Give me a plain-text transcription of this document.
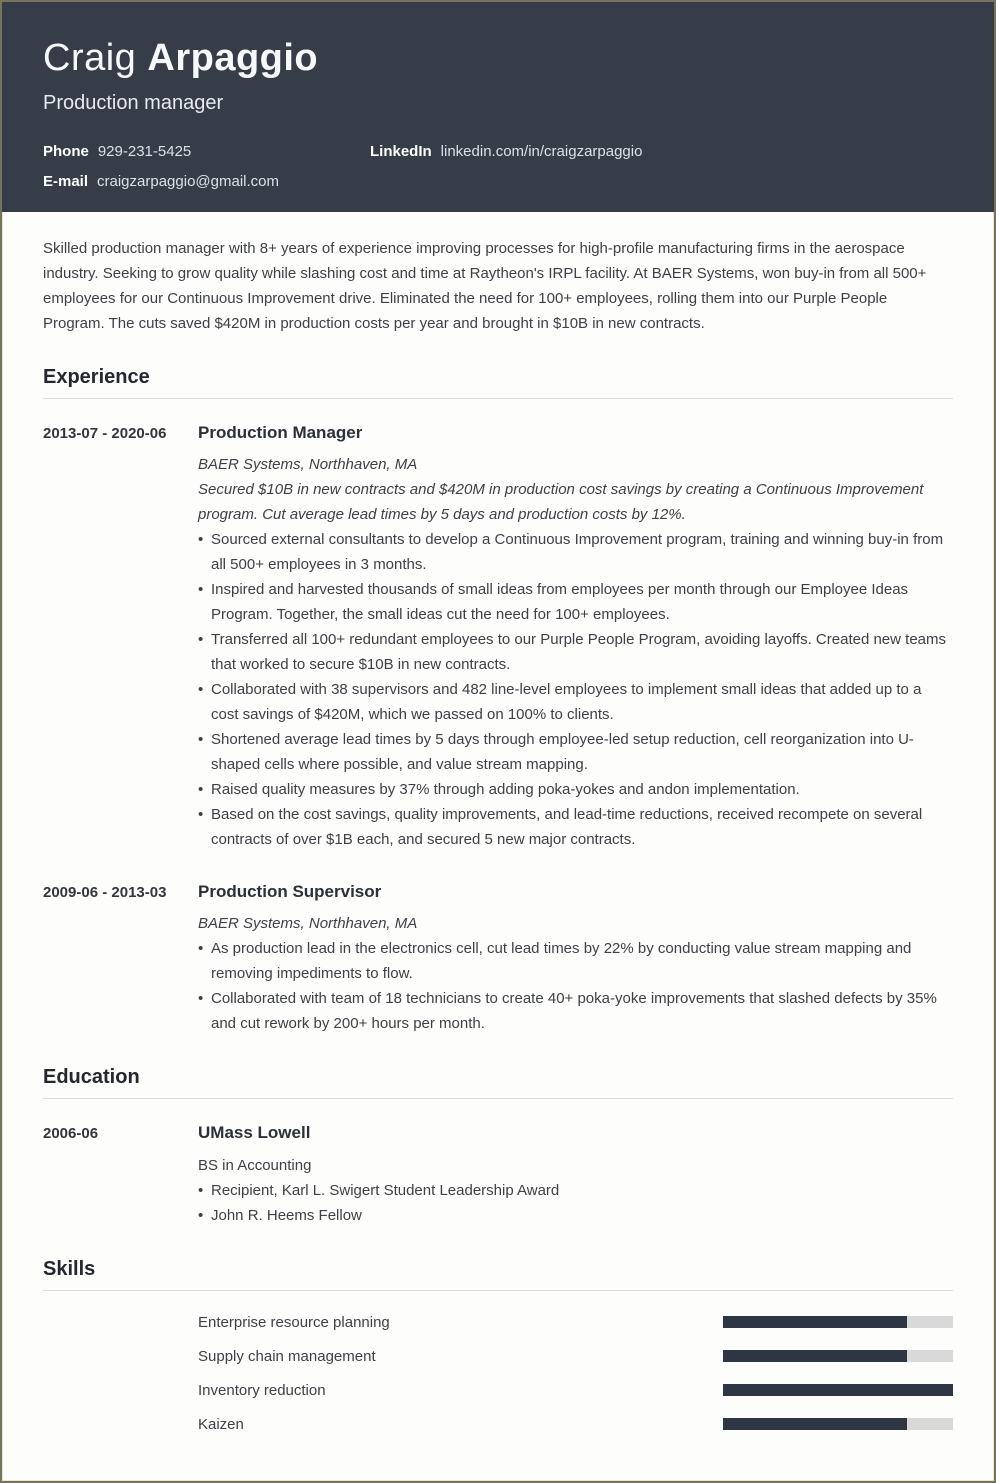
Craig Arpaggio
Production manager
Phone 929-231-5425	LinkedIn linkedin.com/in/craigzarpaggio
E-mail craigzarpaggio@gmail.com

Skilled production manager with 8+ years of experience improving processes for high-profile manufacturing firms in the aerospace industry. Seeking to grow quality while slashing cost and time at Raytheon's IRPL facility. At BAER Systems, won buy-in from all 500+ employees for our Continuous Improvement drive. Eliminated the need for 100+ employees, rolling them into our Purple People Program. The cuts saved $420M in production costs per year and brought in $10B in new contracts.

Experience
2013-07 - 2020-06	Production Manager
BAER Systems, Northhaven, MA
Secured $10B in new contracts and $420M in production cost savings by creating a Continuous Improvement program. Cut average lead times by 5 days and production costs by 12%.
• Sourced external consultants to develop a Continuous Improvement program, training and winning buy-in from all 500+ employees in 3 months.
• Inspired and harvested thousands of small ideas from employees per month through our Employee Ideas Program. Together, the small ideas cut the need for 100+ employees.
• Transferred all 100+ redundant employees to our Purple People Program, avoiding layoffs. Created new teams that worked to secure $10B in new contracts.
• Collaborated with 38 supervisors and 482 line-level employees to implement small ideas that added up to a cost savings of $420M, which we passed on 100% to clients.
• Shortened average lead times by 5 days through employee-led setup reduction, cell reorganization into U-shaped cells where possible, and value stream mapping.
• Raised quality measures by 37% through adding poka-yokes and andon implementation.
• Based on the cost savings, quality improvements, and lead-time reductions, received recompete on several contracts of over $1B each, and secured 5 new major contracts.
2009-06 - 2013-03	Production Supervisor
BAER Systems, Northhaven, MA
• As production lead in the electronics cell, cut lead times by 22% by conducting value stream mapping and removing impediments to flow.
• Collaborated with team of 18 technicians to create 40+ poka-yoke improvements that slashed defects by 35% and cut rework by 200+ hours per month.
Education
2006-06	UMass Lowell
BS in Accounting
• Recipient, Karl L. Swigert Student Leadership Award
• John R. Heems Fellow
Skills
Enterprise resource planning
Supply chain management
Inventory reduction
Kaizen
